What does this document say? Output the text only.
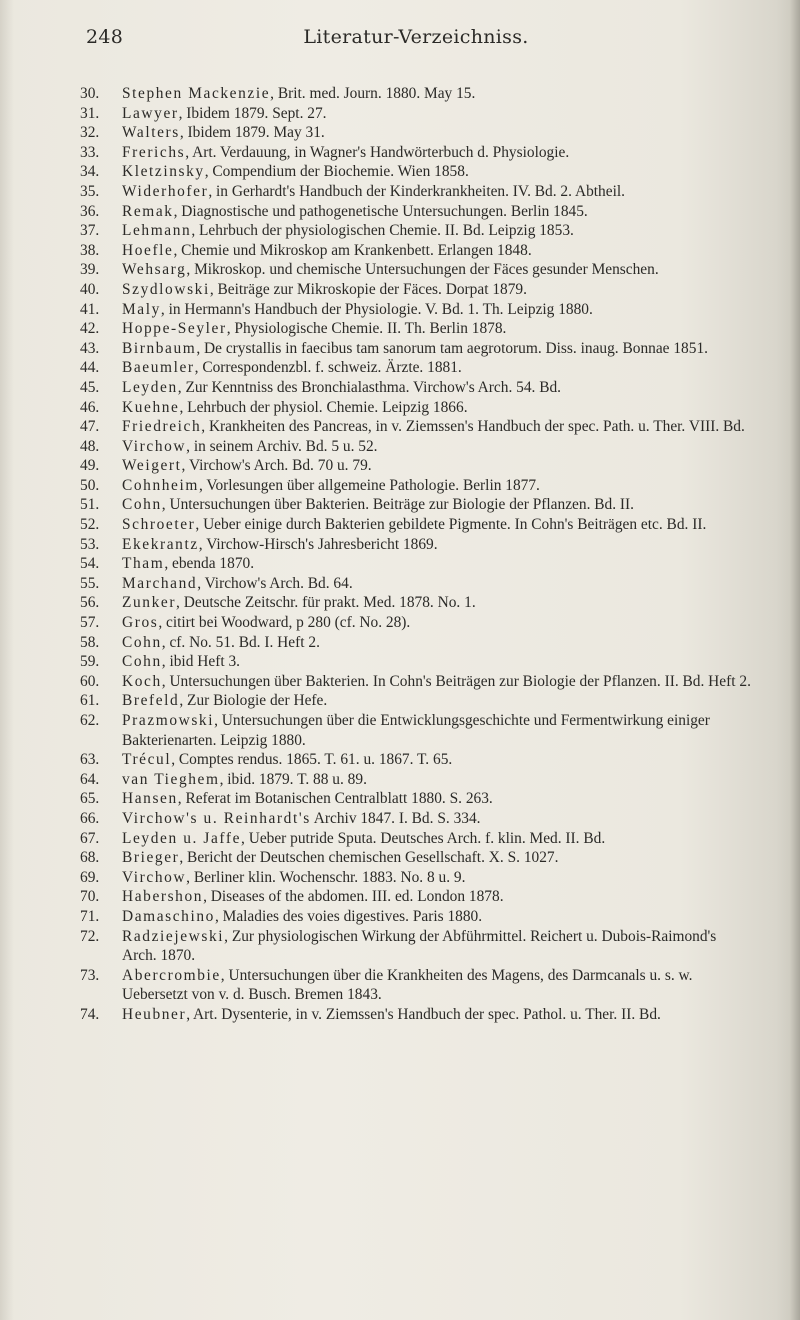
248	Literatur-Verzeichniss.
30.	Stephen Mackenzie, Brit. med. Journ. 1880. May 15.
31.	Lawyer, Ibidem 1879. Sept. 27.
32.	Walters, Ibidem 1879. May 31.
33.	Frerichs, Art. Verdauung, in Wagner's Handwörterbuch d. Physiologie.
34.	Kletzinsky, Compendium der Biochemie. Wien 1858.
35.	Widerhofer, in Gerhardt's Handbuch der Kinderkrankheiten. IV. Bd. 2. Abtheil.
36.	Remak, Diagnostische und pathogenetische Untersuchungen. Berlin 1845.
37.	Lehmann, Lehrbuch der physiologischen Chemie. II. Bd. Leipzig 1853.
38.	Hoefle, Chemie und Mikroskop am Krankenbett. Erlangen 1848.
39.	Wehsarg, Mikroskop. und chemische Untersuchungen der Fäces gesunder Menschen.
40.	Szydlowski, Beiträge zur Mikroskopie der Fäces. Dorpat 1879.
41.	Maly, in Hermann's Handbuch der Physiologie. V. Bd. 1. Th. Leipzig 1880.
42.	Hoppe-Seyler, Physiologische Chemie. II. Th. Berlin 1878.
43.	Birnbaum, De crystallis in faecibus tam sanorum tam aegrotorum. Diss. inaug. Bonnae 1851.
44.	Baeumler, Correspondenzbl. f. schweiz. Ärzte. 1881.
45.	Leyden, Zur Kenntniss des Bronchialasthma. Virchow's Arch. 54. Bd.
46.	Kuehne, Lehrbuch der physiol. Chemie. Leipzig 1866.
47.	Friedreich, Krankheiten des Pancreas, in v. Ziemssen's Handbuch der spec. Path. u. Ther. VIII. Bd.
48.	Virchow, in seinem Archiv. Bd. 5 u. 52.
49.	Weigert, Virchow's Arch. Bd. 70 u. 79.
50.	Cohnheim, Vorlesungen über allgemeine Pathologie. Berlin 1877.
51.	Cohn, Untersuchungen über Bakterien. Beiträge zur Biologie der Pflanzen. Bd. II.
52.	Schroeter, Ueber einige durch Bakterien gebildete Pigmente. In Cohn's Beiträgen etc. Bd. II.
53.	Ekekrantz, Virchow-Hirsch's Jahresbericht 1869.
54.	Tham, ebenda 1870.
55.	Marchand, Virchow's Arch. Bd. 64.
56.	Zunker, Deutsche Zeitschr. für prakt. Med. 1878. No. 1.
57.	Gros, citirt bei Woodward, p 280 (cf. No. 28).
58.	Cohn, cf. No. 51. Bd. I. Heft 2.
59.	Cohn, ibid Heft 3.
60.	Koch, Untersuchungen über Bakterien. In Cohn's Beiträgen zur Biologie der Pflanzen. II. Bd. Heft 2.
61.	Brefeld, Zur Biologie der Hefe.
62.	Prazmowski, Untersuchungen über die Entwicklungsgeschichte und Fermentwirkung einiger Bakterienarten. Leipzig 1880.
63.	Trécul, Comptes rendus. 1865. T. 61. u. 1867. T. 65.
64.	van Tieghem, ibid. 1879. T. 88 u. 89.
65.	Hansen, Referat im Botanischen Centralblatt 1880. S. 263.
66.	Virchow's u. Reinhardt's Archiv 1847. I. Bd. S. 334.
67.	Leyden u. Jaffe, Ueber putride Sputa. Deutsches Arch. f. klin. Med. II. Bd.
68.	Brieger, Bericht der Deutschen chemischen Gesellschaft. X. S. 1027.
69.	Virchow, Berliner klin. Wochenschr. 1883. No. 8 u. 9.
70.	Habershon, Diseases of the abdomen. III. ed. London 1878.
71.	Damaschino, Maladies des voies digestives. Paris 1880.
72.	Radziejewski, Zur physiologischen Wirkung der Abführmittel. Reichert u. Dubois-Raimond's Arch. 1870.
73.	Abercrombie, Untersuchungen über die Krankheiten des Magens, des Darmcanals u. s. w. Uebersetzt von v. d. Busch. Bremen 1843.
74.	Heubner, Art. Dysenterie, in v. Ziemssen's Handbuch der spec. Pathol. u. Ther. II. Bd.
